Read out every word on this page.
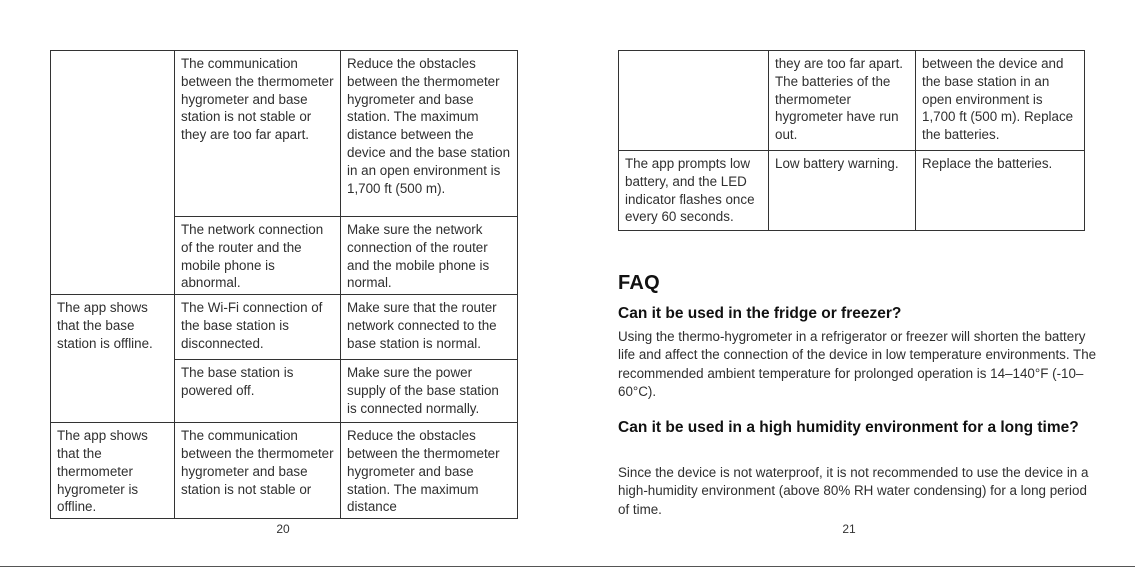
	The communication between the thermometer hygrometer and base station is not stable or they are too far apart.	Reduce the obstacles between the thermometer hygrometer and base station. The maximum distance between the device and the base station in an open environment is 1,700 ft (500 m).
	The network connection of the router and the mobile phone is abnormal.	Make sure the network connection of the router and the mobile phone is normal.
The app shows that the base station is offline.	The Wi-Fi connection of the base station is disconnected.	Make sure that the router network connected to the base station is normal.
	The base station is powered off.	Make sure the power supply of the base station is connected normally.
The app shows that the thermometer hygrometer is offline.	The communication between the thermometer hygrometer and base station is not stable or	Reduce the obstacles between the thermometer hygrometer and base station. The maximum distance
20
	they are too far apart. The batteries of the thermometer hygrometer have run out.	between the device and the base station in an open environment is 1,700 ft (500 m). Replace the batteries.
The app prompts low battery, and the LED indicator flashes once every 60 seconds.	Low battery warning.	Replace the batteries.
FAQ
Can it be used in the fridge or freezer?

Using the thermo-hygrometer in a refrigerator or freezer will shorten the battery life and affect the connection of the device in low temperature environments. The recommended ambient temperature for prolonged operation is 14–140°F (-10–60°C).

Can it be used in a high humidity environment for a long time?

Since the device is not waterproof, it is not recommended to use the device in a high-humidity environment (above 80% RH water condensing) for a long period of time.

21
